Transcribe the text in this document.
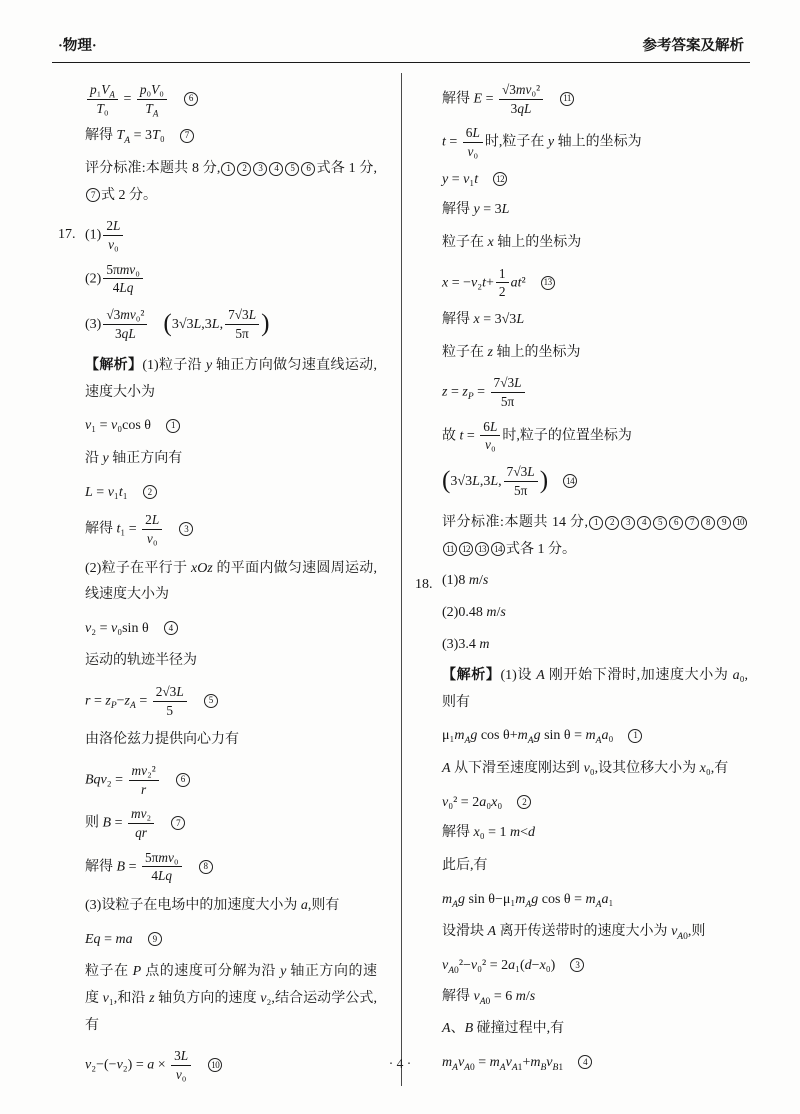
·物理·	参考答案及解析
$\frac{p_1V_A}{\text{T₀}} = \frac{\text{p₀V₀}}{T_A}$
　 6
解得 $T_A = 3T_0$　7
评分标准:本题共 8 分, 1 2 3 4 5 6 式各 1 分,7 式 2 分。
17. $(1) \frac{2L}{\text{v₀}}$
$(2) \frac{\text{5πmv₀}}{4Lq}$
$(3) \frac{\text{√3mv₀²}}{3qL}$
　 (3√3L,3L, $\frac{7√3L}{5\pi}$ )
【解析】(1)粒子沿 y 轴正方向做匀速直线运动,速度大小为
v₁ = v₀cos θ　1
沿 y 轴正方向有
L = v₁t₁　2
解得 $t_1 = \frac{2L}{\text{v₀}}$
　 3
(2)粒子在平行于 xOz 的平面内做匀速圆周运动,线速度大小为
v₂ = v₀sin θ　4
运动的轨迹半径为
$r = z_P-z_A = \frac{2√3L}{5}$
　 5
由洛伦兹力提供向心力有
$Bqv_2 = \frac{\text{mv₂²}}{r}$
　 6
则 $B = \frac{\text{mv₂}}{qr}$
　 7
解得 $B = \frac{\text{5πmv₀}}{4Lq}$
　 8
(3)设粒子在电场中的加速度大小为 a,则有
Eq = ma　 9
粒子在 P 点的速度可分解为沿 y 轴正方向的速度 v₁,和沿 z 轴负方向的速度 v₂,结合运动学公式,有
$v_2-(-v_2) = a \times \frac{3L}{\text{v₀}}$
　 10
解得 $E = \frac{\text{√3mv₀²}}{3qL}$
　 11
$t = \frac{6L}{\text{v₀}}$ 时,粒子在 y 轴上的坐标为
y = v₁t　 12
解得 y = 3L
粒子在 x 轴上的坐标为
$x = -v_2t+ \frac{1}{2} at^2$　13
解得 x = 3√3L
粒子在 z 轴上的坐标为
$z = z_P = \frac{7√3L}{5\pi}$
故 $t = \frac{6L}{\text{v₀}}$ 时,粒子的位置坐标为
(3√3L,3L, $\frac{7√3L}{5\pi}$ )　 14
评分标准:本题共 14 分, 1 2 3 4 5 6 7 8 9 1011 12 13 14 式各 1 分。
18. (1)8 m/s
(2)0.48 m/s
(3)3.4 m
【解析】(1)设 A 刚开始下滑时,加速度大小为 a₀,则有
$\mu_1m_Ag$ $\cos \theta+m_Ag$ $\sin \theta = m_Aa_0$　1
A 从下滑至速度刚达到 v₀,设其位移大小为 x₀,有
v₀² = 2a₀x₀　2
解得 x₀ = 1 m<d
此后,有
$m_Ag$ $\sin \theta-\mu_1m_Ag$ $\cos \theta = m_Aa_1$
设滑块 A 离开传送带时的速度大小为 $v_{A0}$,则
$v_{A0}^2-v_0^2 = 2a_1(d-x_0)$　3
解得 $v_{A0} = 6$ m/s
A、B 碰撞过程中,有
$m_Av_{A0} = m_Av_{A1}+m_Bv_{B1}$　4
· 4 ·
